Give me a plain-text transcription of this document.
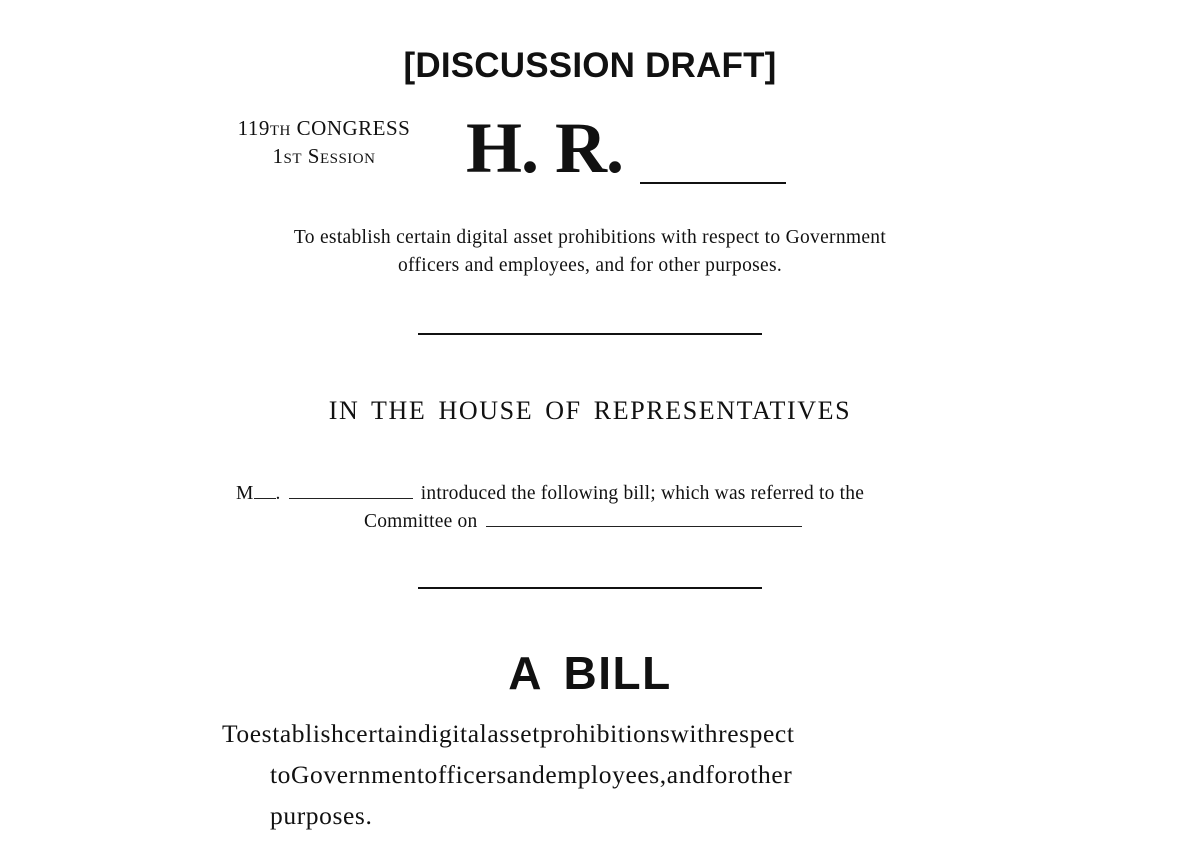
[DISCUSSION DRAFT]
119th CONGRESS
1st Session	H. R.
To establish certain digital asset prohibitions with respect to Government
officers and employees, and for other purposes.
IN THE HOUSE OF REPRESENTATIVES
M .	introduced the following bill; which was referred to the
Committee on
A BILL
Toestablishcertaindigitalassetprohibitionswithrespect
toGovernmentofficersandemployees,andforother
purposes.
